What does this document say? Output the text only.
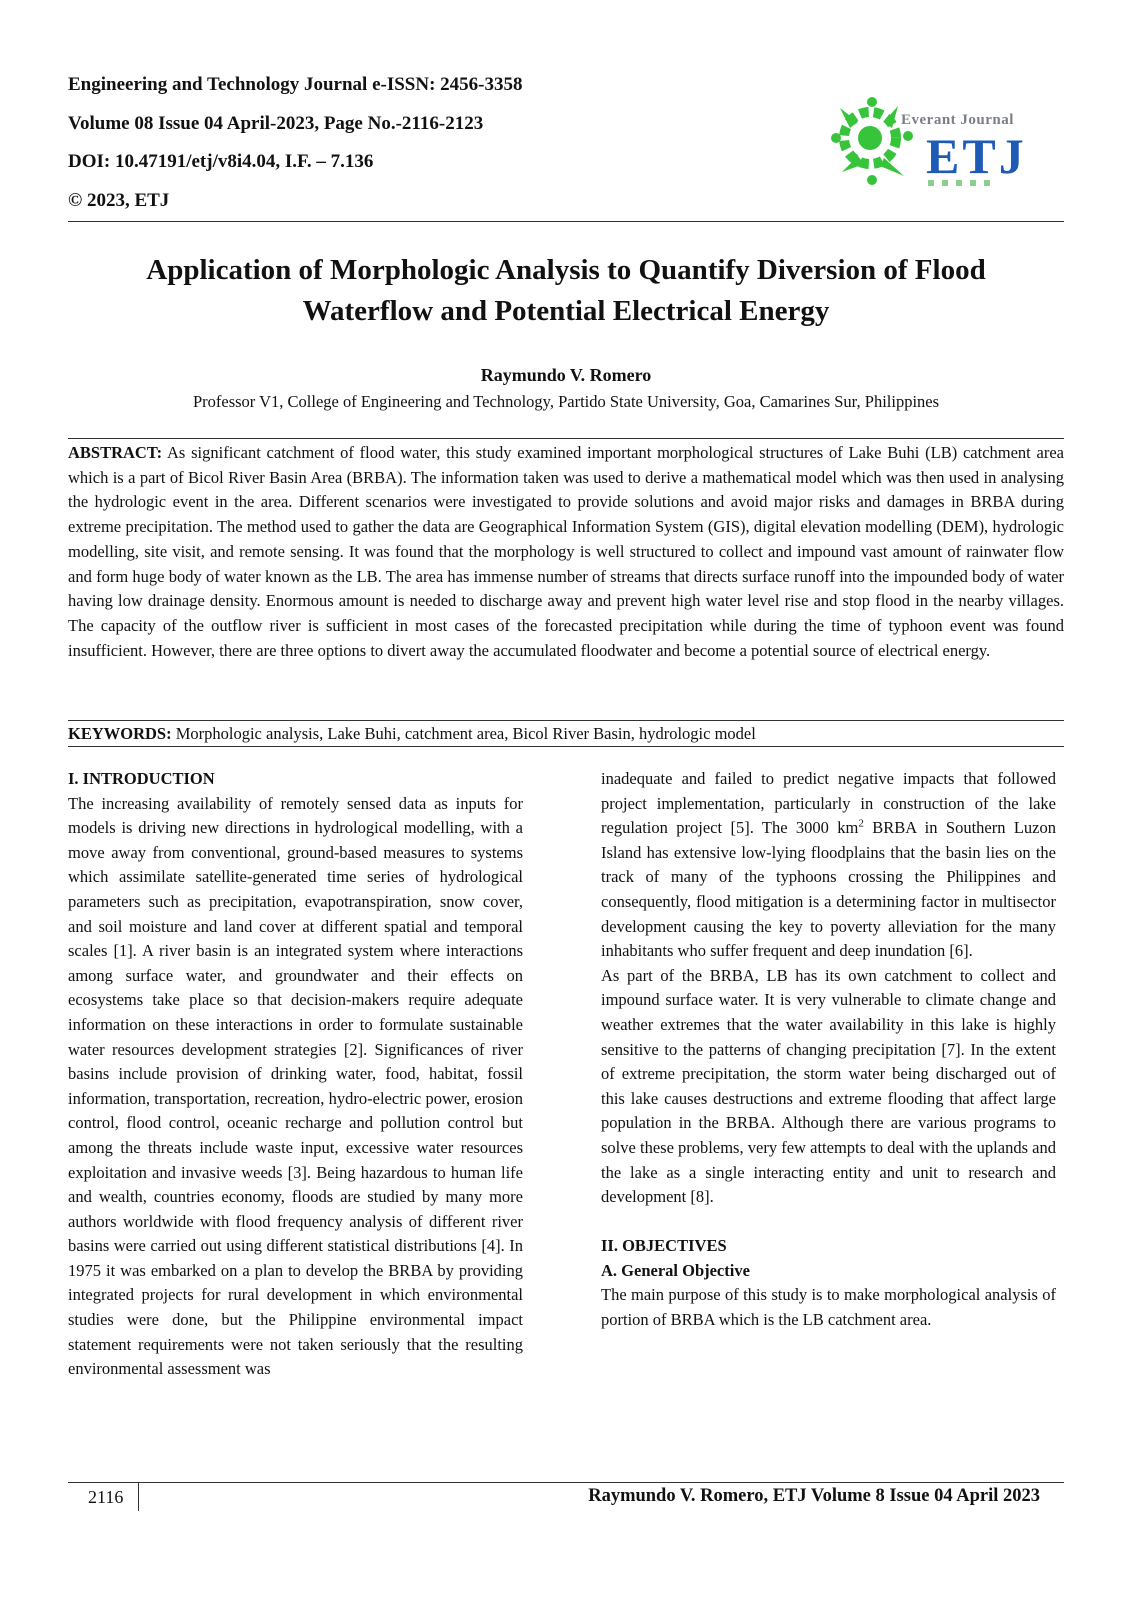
Engineering and Technology Journal e-ISSN: 2456-3358
Volume 08 Issue 04 April-2023, Page No.-2116-2123
DOI: 10.47191/etj/v8i4.04, I.F. – 7.136
© 2023, ETJ
Everant Journal
ETJ
Application of Morphologic Analysis to Quantify Diversion of Flood
Waterflow and Potential Electrical Energy
Raymundo V. Romero
Professor V1, College of Engineering and Technology, Partido State University, Goa, Camarines Sur, Philippines
ABSTRACT: As significant catchment of flood water, this study examined important morphological structures of Lake Buhi (LB) catchment area which is a part of Bicol River Basin Area (BRBA). The information taken was used to derive a mathematical model which was then used in analysing the hydrologic event in the area. Different scenarios were investigated to provide solutions and avoid major risks and damages in BRBA during extreme precipitation. The method used to gather the data are Geographical Information System (GIS), digital elevation modelling (DEM), hydrologic modelling, site visit, and remote sensing. It was found that the morphology is well structured to collect and impound vast amount of rainwater flow and form huge body of water known as the LB. The area has immense number of streams that directs surface runoff into the impounded body of water having low drainage density. Enormous amount is needed to discharge away and prevent high water level rise and stop flood in the nearby villages. The capacity of the outflow river is sufficient in most cases of the forecasted precipitation while during the time of typhoon event was found insufficient. However, there are three options to divert away the accumulated floodwater and become a potential source of electrical energy.
KEYWORDS: Morphologic analysis, Lake Buhi, catchment area, Bicol River Basin, hydrologic model

I. INTRODUCTION

The increasing availability of remotely sensed data as inputs for models is driving new directions in hydrological modelling, with a move away from conventional, ground-based measures to systems which assimilate satellite-generated time series of hydrological parameters such as precipitation, evapotranspiration, snow cover, and soil moisture and land cover at different spatial and temporal scales [1]. A river basin is an integrated system where interactions among surface water, and groundwater and their effects on ecosystems take place so that decision-makers require adequate information on these interactions in order to formulate sustainable water resources development strategies [2]. Significances of river basins include provision of drinking water, food, habitat, fossil information, transportation, recreation, hydro-electric power, erosion control, flood control, oceanic recharge and pollution control but among the threats include waste input, excessive water resources exploitation and invasive weeds [3]. Being hazardous to human life and wealth, countries economy, floods are studied by many more authors worldwide with flood frequency analysis of different river basins were carried out using different statistical distributions [4]. In 1975 it was embarked on a plan to develop the BRBA by providing integrated projects for rural development in which environmental studies were done, but the Philippine environmental impact statement requirements were not taken seriously that the resulting environmental assessment was

inadequate and failed to predict negative impacts that followed project implementation, particularly in construction of the lake regulation project [5]. The 3000 $km^2$ BRBA in Southern Luzon Island has extensive low-lying floodplains that the basin lies on the track of many of the typhoons crossing the Philippines and consequently, flood mitigation is a determining factor in multisector development causing the key to poverty alleviation for the many inhabitants who suffer frequent and deep inundation [6].

As part of the BRBA, LB has its own catchment to collect and impound surface water. It is very vulnerable to climate change and weather extremes that the water availability in this lake is highly sensitive to the patterns of changing precipitation [7]. In the extent of extreme precipitation, the storm water being discharged out of this lake causes destructions and extreme flooding that affect large population in the BRBA. Although there are various programs to solve these problems, very few attempts to deal with the uplands and the lake as a single interacting entity and unit to research and development [8].

II. OBJECTIVES

A. General Objective

The main purpose of this study is to make morphological analysis of portion of BRBA which is the LB catchment area.

2116	Raymundo V. Romero, ETJ Volume 8 Issue 04 April 2023
